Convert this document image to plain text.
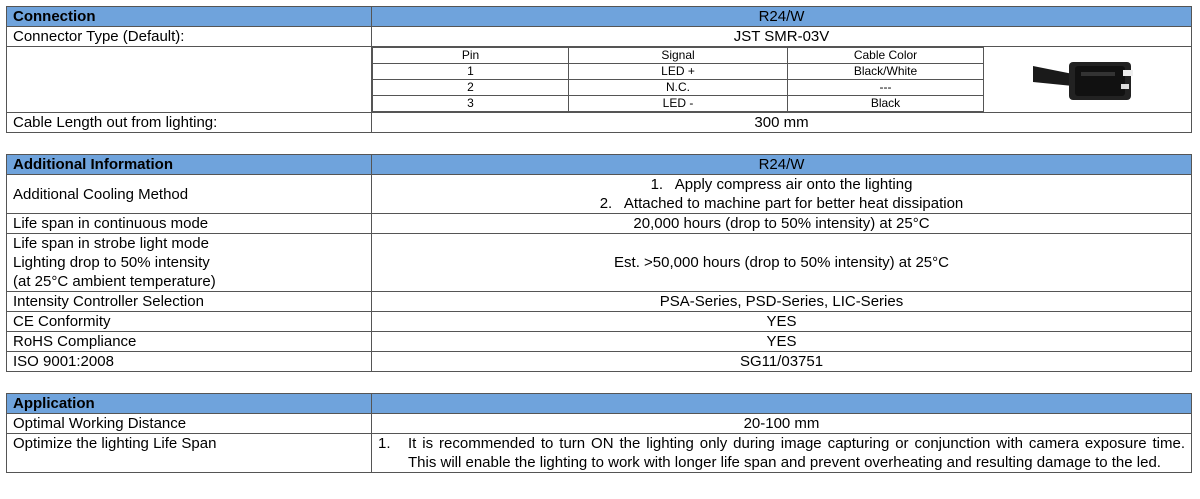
Connection	R24/W
Connector Type (Default):	JST SMR-03V

Pin	Signal	Cable Color	

1	LED +	Black/White
2	N.C.	---
3	LED -	Black

Cable Length out from lighting:	300 mm
Additional Information	R24/W
Additional Cooling Method	1.   Apply compress air onto the lighting
2.   Attached to machine part for better heat dissipation

Life span in continuous mode	20,000 hours (drop to 50% intensity) at 25°C

Life span in strobe light mode
Lighting drop to 50% intensity
(at 25°C ambient temperature)	Est. >50,000 hours (drop to 50% intensity) at 25°C
Intensity Controller Selection	PSA-Series, PSD-Series, LIC-Series
CE Conformity	YES
RoHS Compliance	YES
ISO 9001:2008	SG11/03751
Application	
Optimal Working Distance	20-100 mm
Optimize the lighting Life Span	1. It is recommended to turn ON the lighting only during image capturing or conjunction with camera exposure time. This will enable the lighting to work with longer life span and prevent overheating and resulting damage to the led.
